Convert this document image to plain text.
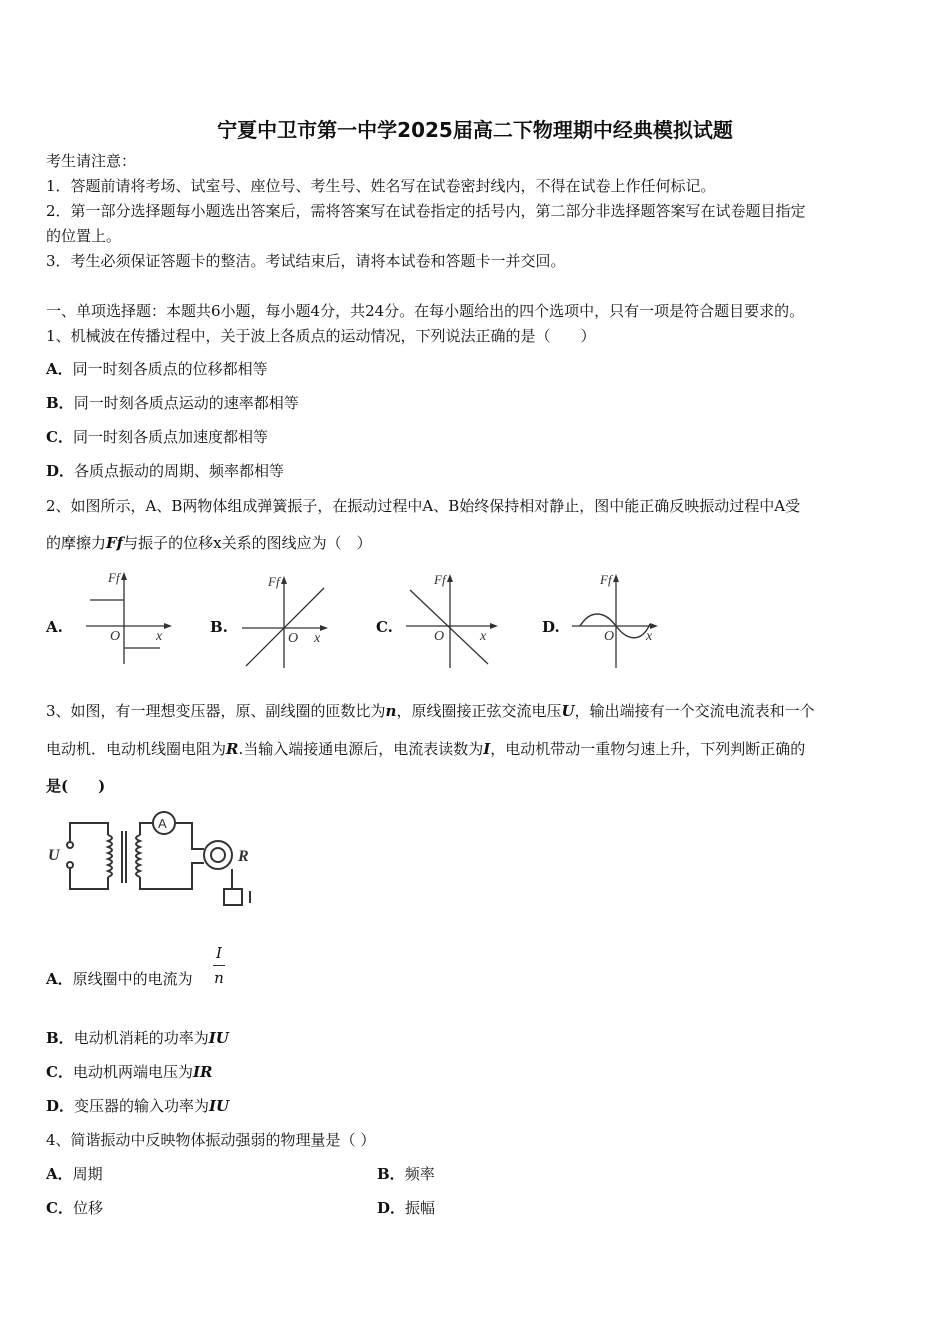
宁夏中卫市第一中学2025届高二下物理期中经典模拟试题
考生请注意：
1．答题前请将考场、试室号、座位号、考生号、姓名写在试卷密封线内，不得在试卷上作任何标记。
2．第一部分选择题每小题选出答案后，需将答案写在试卷指定的括号内，第二部分非选择题答案写在试卷题目指定
的位置上。
3．考生必须保证答题卡的整洁。考试结束后，请将本试卷和答题卡一并交回。
一、单项选择题：本题共6小题，每小题4分，共24分。在每小题给出的四个选项中，只有一项是符合题目要求的。
1、机械波在传播过程中，关于波上各质点的运动情况，下列说法正确的是（　　）
A．同一时刻各质点的位移都相等
B．同一时刻各质点运动的速率都相等
C．同一时刻各质点加速度都相等
D．各质点振动的周期、频率都相等
2、如图所示，A、B两物体组成弹簧振子，在振动过程中A、B始终保持相对静止，图中能正确反映振动过程中A受
的摩擦力Ff与振子的位移x关系的图线应为（　）
A.	B.	C.	D.
Ff
O	x
Ff
O x
Ff
O	x
Ff
O x
3、如图，有一理想变压器，原、副线圈的匝数比为n，原线圈接正弦交流电压U，输出端接有一个交流电流表和一个
电动机．电动机线圈电阻为R.当输入端接通电源后，电流表读数为I，电动机带动一重物匀速上升，下列判断正确的
是(　　)
U
A
R
A．原线圈中的电流为
I
n
B．电动机消耗的功率为IU
C．电动机两端电压为IR
D．变压器的输入功率为IU
4、简谐振动中反映物体振动强弱的物理量是（ ）
A．周期	B．频率
C．位移	D．振幅
